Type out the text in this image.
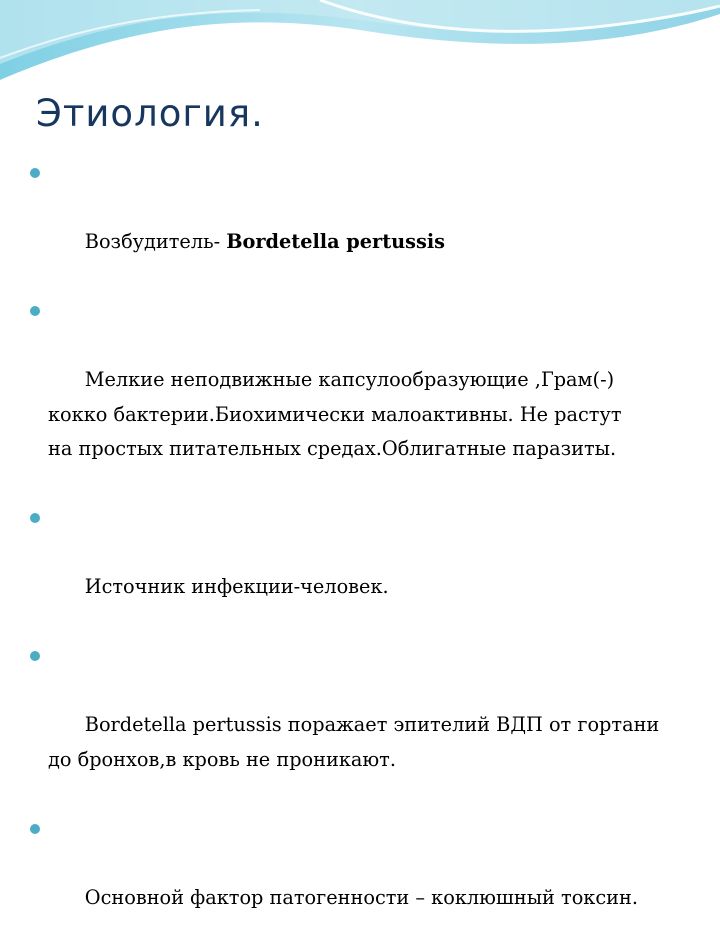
Этиология.

Возбудитель- Bordetella pertussis

Мелкие неподвижные капсулообразующие ,Грам(-)
кокко бактерии.Биохимически малоактивны. Не растут
на простых питательных средах.Облигатные паразиты.

Источник инфекции-человек.

Bordetella pertussis поражает эпителий ВДП от гортани
до бронхов,в кровь не проникают.

Основной фактор патогенности – коклюшный токсин.
